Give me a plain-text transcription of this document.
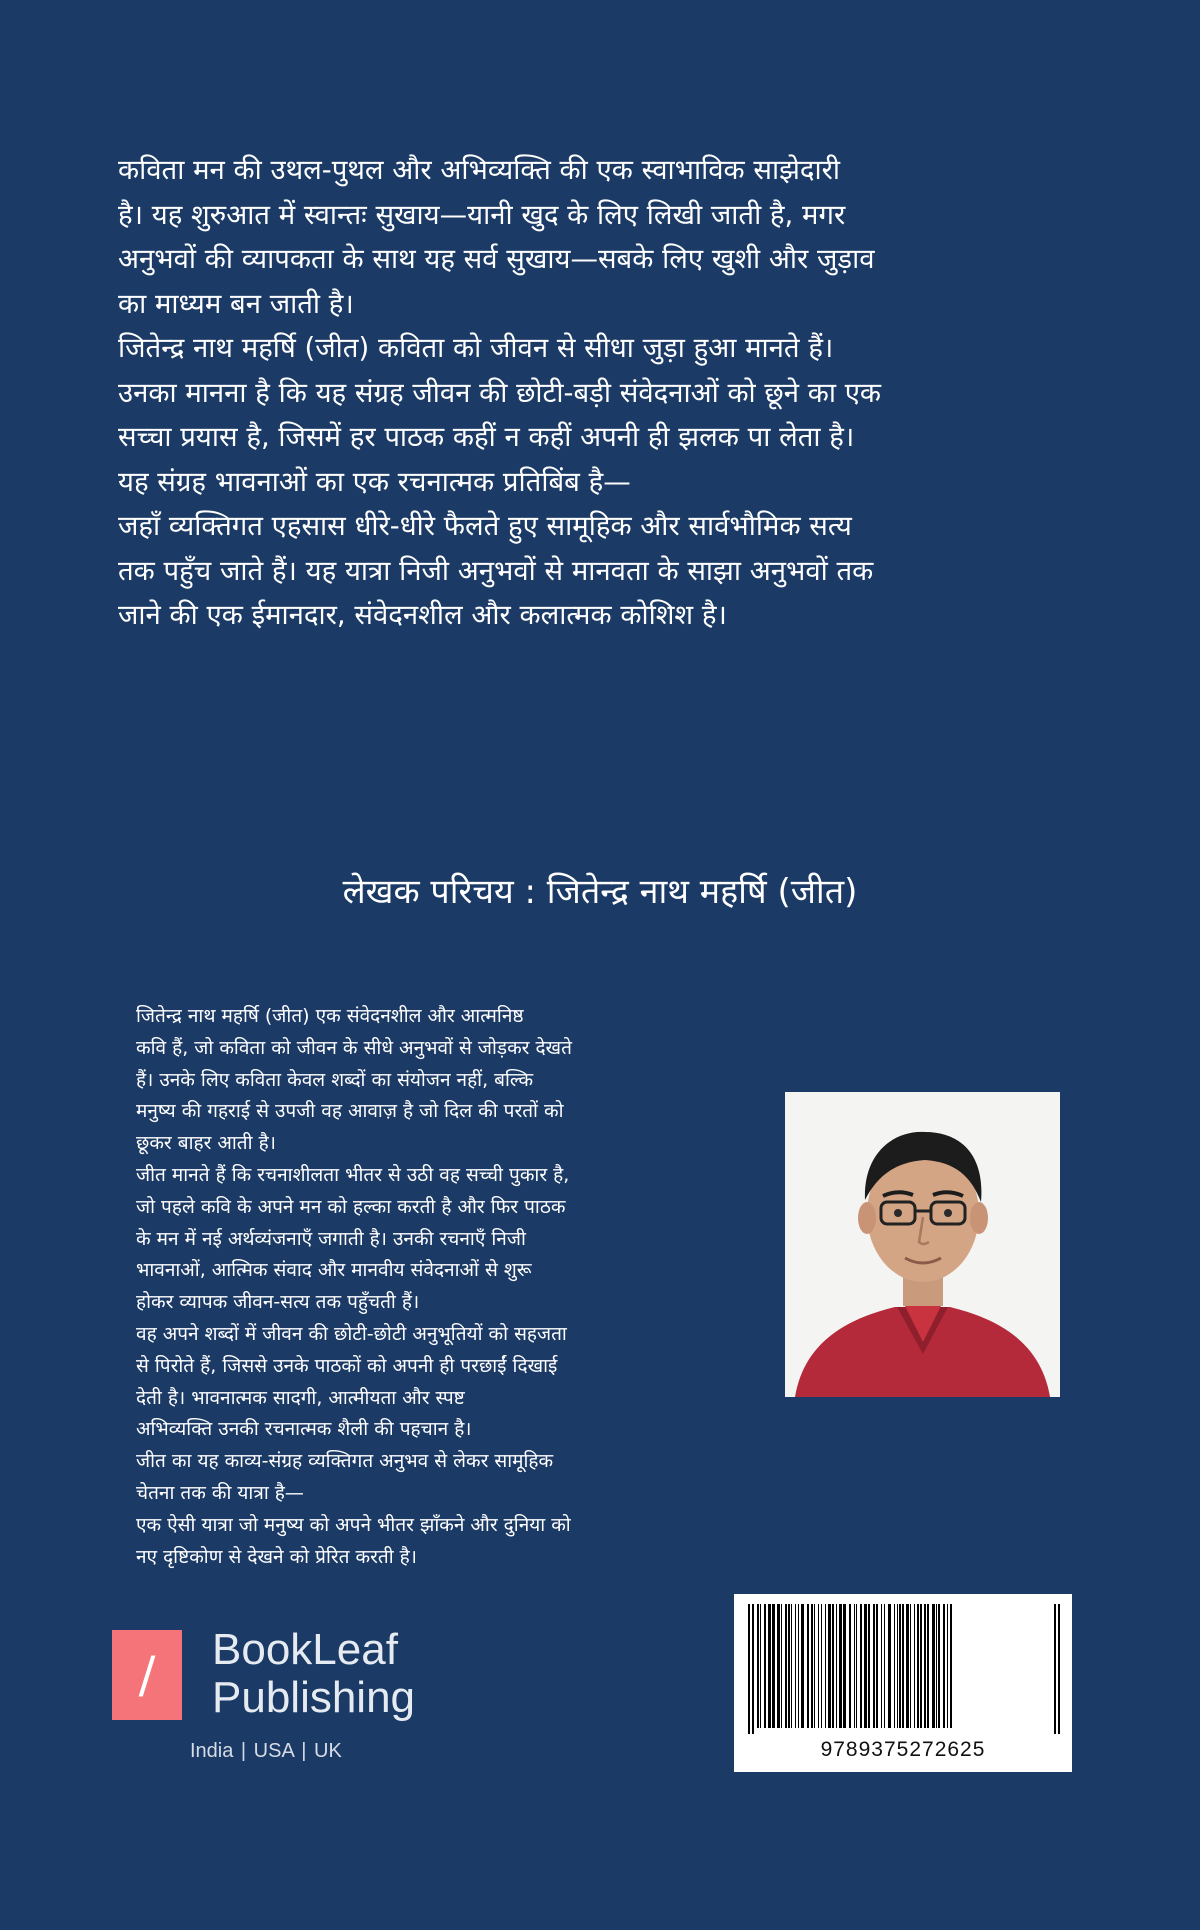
कविता मन की उथल-पुथल और अभिव्यक्ति की एक स्वाभाविक साझेदारी

है। यह शुरुआत में स्वान्तः सुखाय—यानी खुद के लिए लिखी जाती है, मगर

अनुभवों की व्यापकता के साथ यह सर्व सुखाय—सबके लिए खुशी और जुड़ाव

का माध्यम बन जाती है।

जितेन्द्र नाथ महर्षि (जीत) कविता को जीवन से सीधा जुड़ा हुआ मानते हैं।

उनका मानना है कि यह संग्रह जीवन की छोटी-बड़ी संवेदनाओं को छूने का एक

सच्चा प्रयास है, जिसमें हर पाठक कहीं न कहीं अपनी ही झलक पा लेता है।

यह संग्रह भावनाओं का एक रचनात्मक प्रतिबिंब है—

जहाँ व्यक्तिगत एहसास धीरे-धीरे फैलते हुए सामूहिक और सार्वभौमिक सत्य

तक पहुँच जाते हैं। यह यात्रा निजी अनुभवों से मानवता के साझा अनुभवों तक

जाने की एक ईमानदार, संवेदनशील और कलात्मक कोशिश है।

लेखक परिचय : जितेन्द्र नाथ महर्षि (जीत)

जितेन्द्र नाथ महर्षि (जीत) एक संवेदनशील और आत्मनिष्ठ

कवि हैं, जो कविता को जीवन के सीधे अनुभवों से जोड़कर देखते

हैं। उनके लिए कविता केवल शब्दों का संयोजन नहीं, बल्कि

मनुष्य की गहराई से उपजी वह आवाज़ है जो दिल की परतों को

छूकर बाहर आती है।

जीत मानते हैं कि रचनाशीलता भीतर से उठी वह सच्ची पुकार है,

जो पहले कवि के अपने मन को हल्का करती है और फिर पाठक

के मन में नई अर्थव्यंजनाएँ जगाती है। उनकी रचनाएँ निजी

भावनाओं, आत्मिक संवाद और मानवीय संवेदनाओं से शुरू

होकर व्यापक जीवन-सत्य तक पहुँचती हैं।

वह अपने शब्दों में जीवन की छोटी-छोटी अनुभूतियों को सहजता

से पिरोते हैं, जिससे उनके पाठकों को अपनी ही परछाईं दिखाई

देती है। भावनात्मक सादगी, आत्मीयता और स्पष्ट

अभिव्यक्ति उनकी रचनात्मक शैली की पहचान है।

जीत का यह काव्य-संग्रह व्यक्तिगत अनुभव से लेकर सामूहिक

चेतना तक की यात्रा है—

एक ऐसी यात्रा जो मनुष्य को अपने भीतर झाँकने और दुनिया को

नए दृष्टिकोण से देखने को प्रेरित करती है।

/	BookLeaf
Publishing
India | USA | UK	9789375272625
